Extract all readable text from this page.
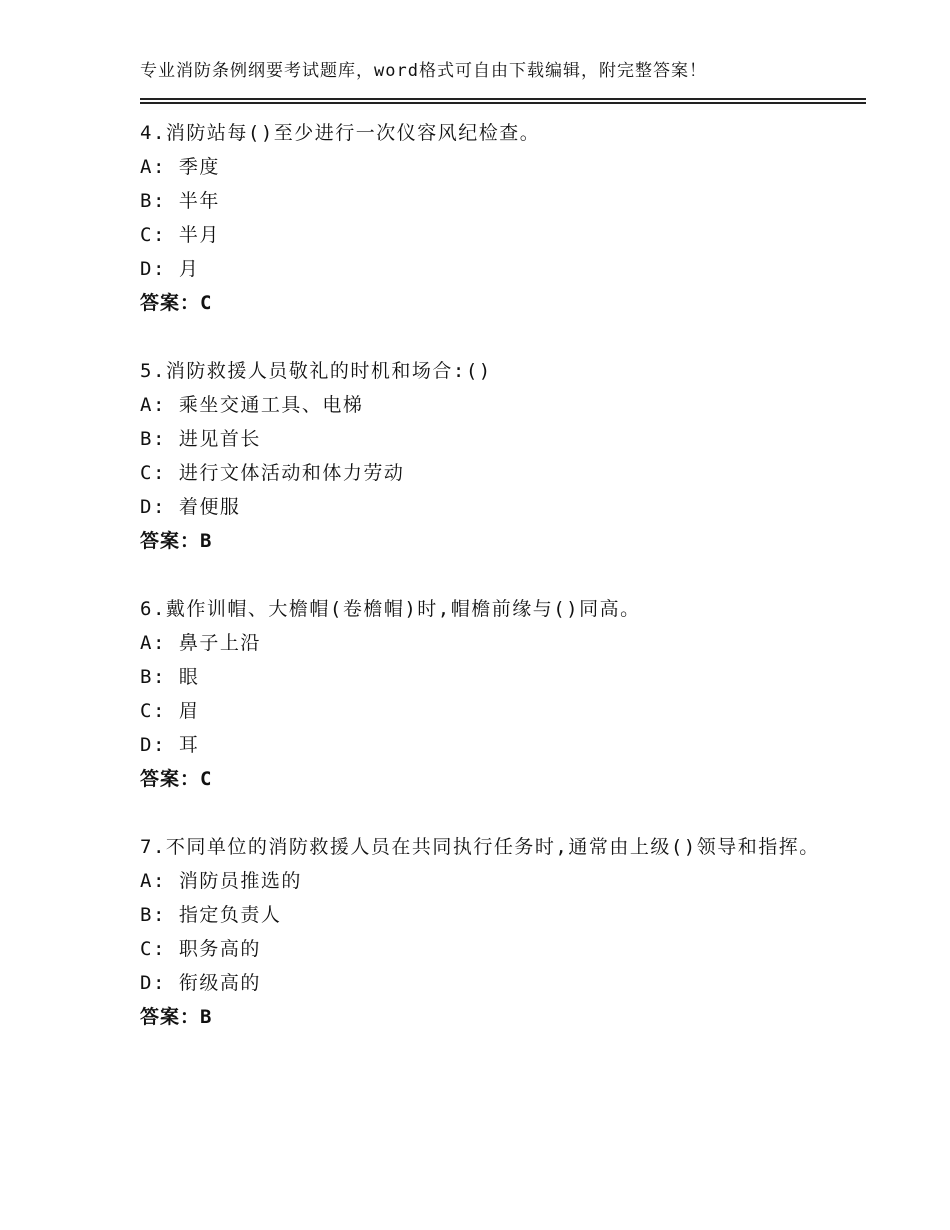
专业消防条例纲要考试题库，word格式可自由下载编辑，附完整答案！
4.消防站每()至少进行一次仪容风纪检查。
A: 季度
B: 半年
C: 半月
D: 月
答案：C
5.消防救援人员敬礼的时机和场合:()
A: 乘坐交通工具、电梯
B: 进见首长
C: 进行文体活动和体力劳动
D: 着便服
答案：B
6.戴作训帽、大檐帽(卷檐帽)时,帽檐前缘与()同高。
A: 鼻子上沿
B: 眼
C: 眉
D: 耳
答案：C
7.不同单位的消防救援人员在共同执行任务时,通常由上级()领导和指挥。
A: 消防员推选的
B: 指定负责人
C: 职务高的
D: 衔级高的
答案：B
